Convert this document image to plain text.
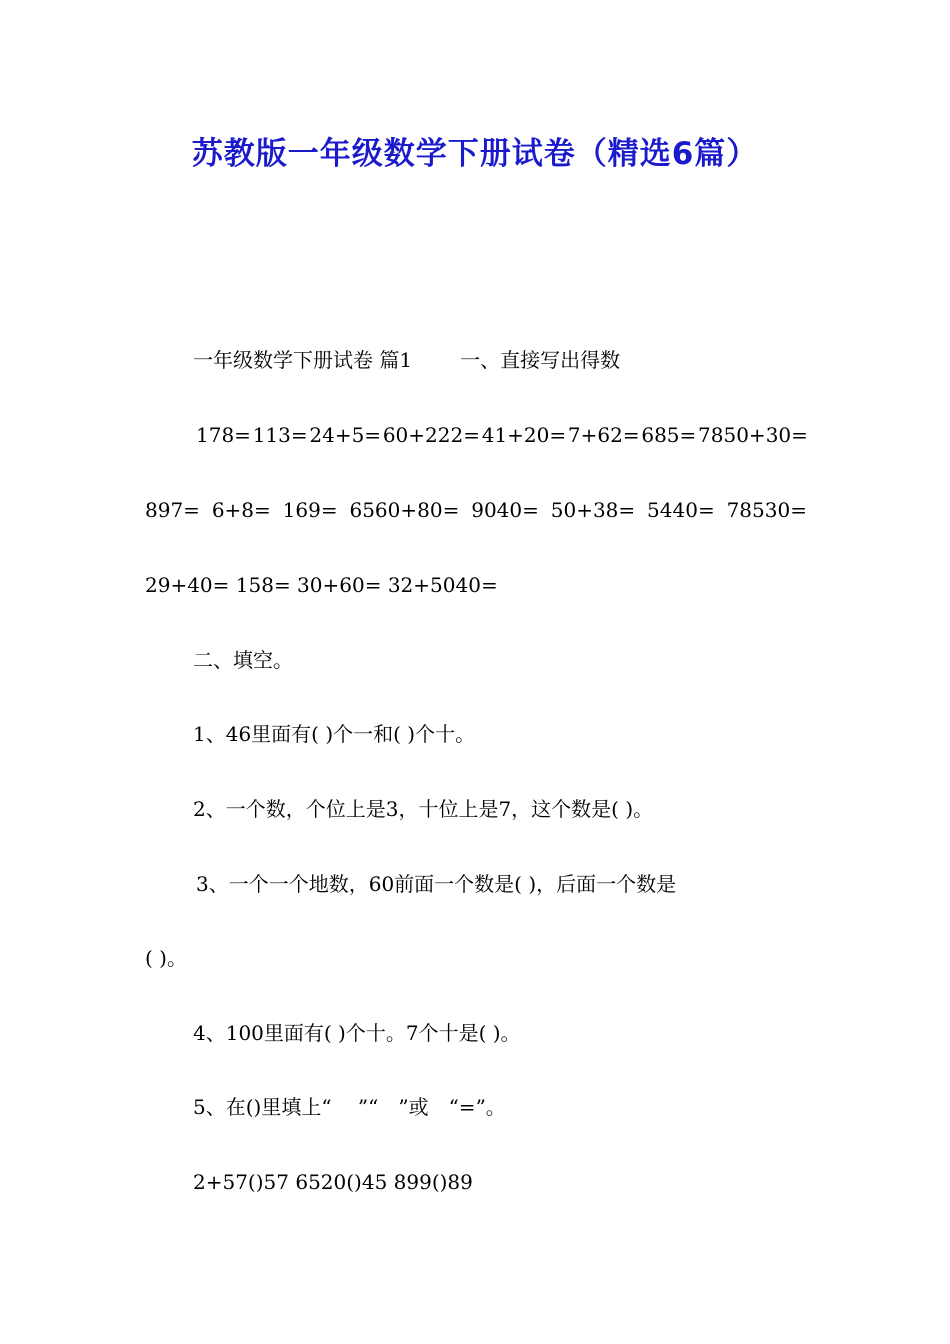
苏教版一年级数学下册试卷（精选6篇）
一年级数学下册试卷 篇1 一、直接写出得数
178= 113= 24+5= 60+222= 41+20= 7+62= 685= 7850+30=
897= 6+8= 169= 6560+80= 9040= 50+38= 5440= 78530=
29+40= 158= 30+60= 32+5040=
二、填空。
1、46里面有( )个一和( )个十。
2、一个数，个位上是3，十位上是7，这个数是( )。
3、一个一个地数，60前面一个数是( )，后面一个数是
( )。
4、100里面有( )个十。7个十是( )。
5、在()里填上“　 ”“　”或　“=”。
2+57()57 6520()45 899()89
